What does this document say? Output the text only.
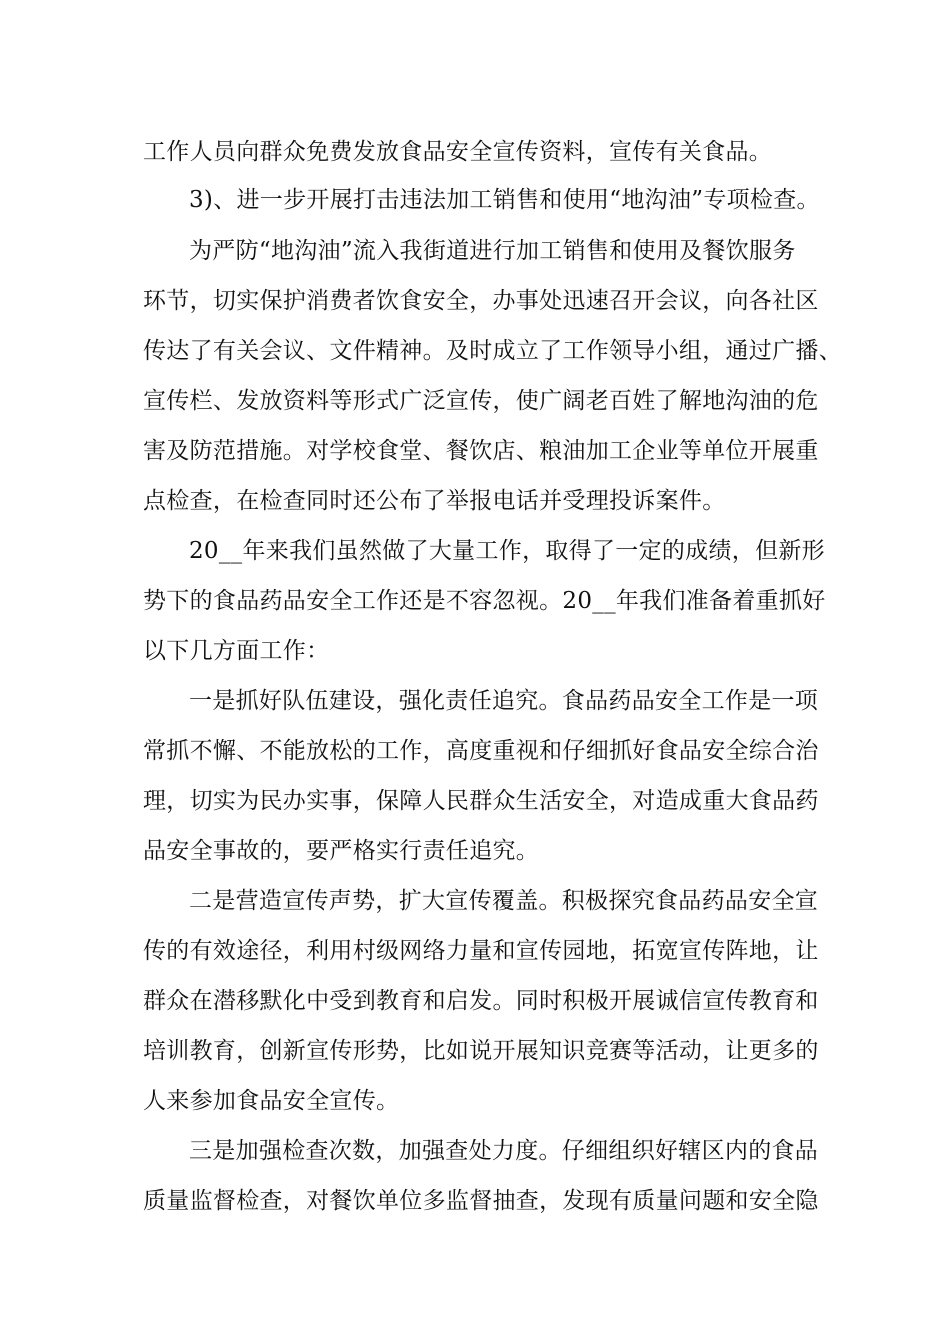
工作人员向群众免费发放食品安全宣传资料，宣传有关食品。
3)、进一步开展打击违法加工销售和使用“地沟油”专项检查。
为严防“地沟油”流入我街道进行加工销售和使用及餐饮服务
环节，切实保护消费者饮食安全，办事处迅速召开会议，向各社区
传达了有关会议、文件精神。及时成立了工作领导小组，通过广播、
宣传栏、发放资料等形式广泛宣传，使广阔老百姓了解地沟油的危
害及防范措施。对学校食堂、餐饮店、粮油加工企业等单位开展重
点检查，在检查同时还公布了举报电话并受理投诉案件。
20__年来我们虽然做了大量工作，取得了一定的成绩，但新形
势下的食品药品安全工作还是不容忽视。20__年我们准备着重抓好
以下几方面工作：
一是抓好队伍建设，强化责任追究。食品药品安全工作是一项
常抓不懈、不能放松的工作，高度重视和仔细抓好食品安全综合治
理，切实为民办实事，保障人民群众生活安全，对造成重大食品药
品安全事故的，要严格实行责任追究。
二是营造宣传声势，扩大宣传覆盖。积极探究食品药品安全宣
传的有效途径，利用村级网络力量和宣传园地，拓宽宣传阵地，让
群众在潜移默化中受到教育和启发。同时积极开展诚信宣传教育和
培训教育，创新宣传形势，比如说开展知识竞赛等活动，让更多的
人来参加食品安全宣传。
三是加强检查次数，加强查处力度。仔细组织好辖区内的食品
质量监督检查，对餐饮单位多监督抽查，发现有质量问题和安全隐
